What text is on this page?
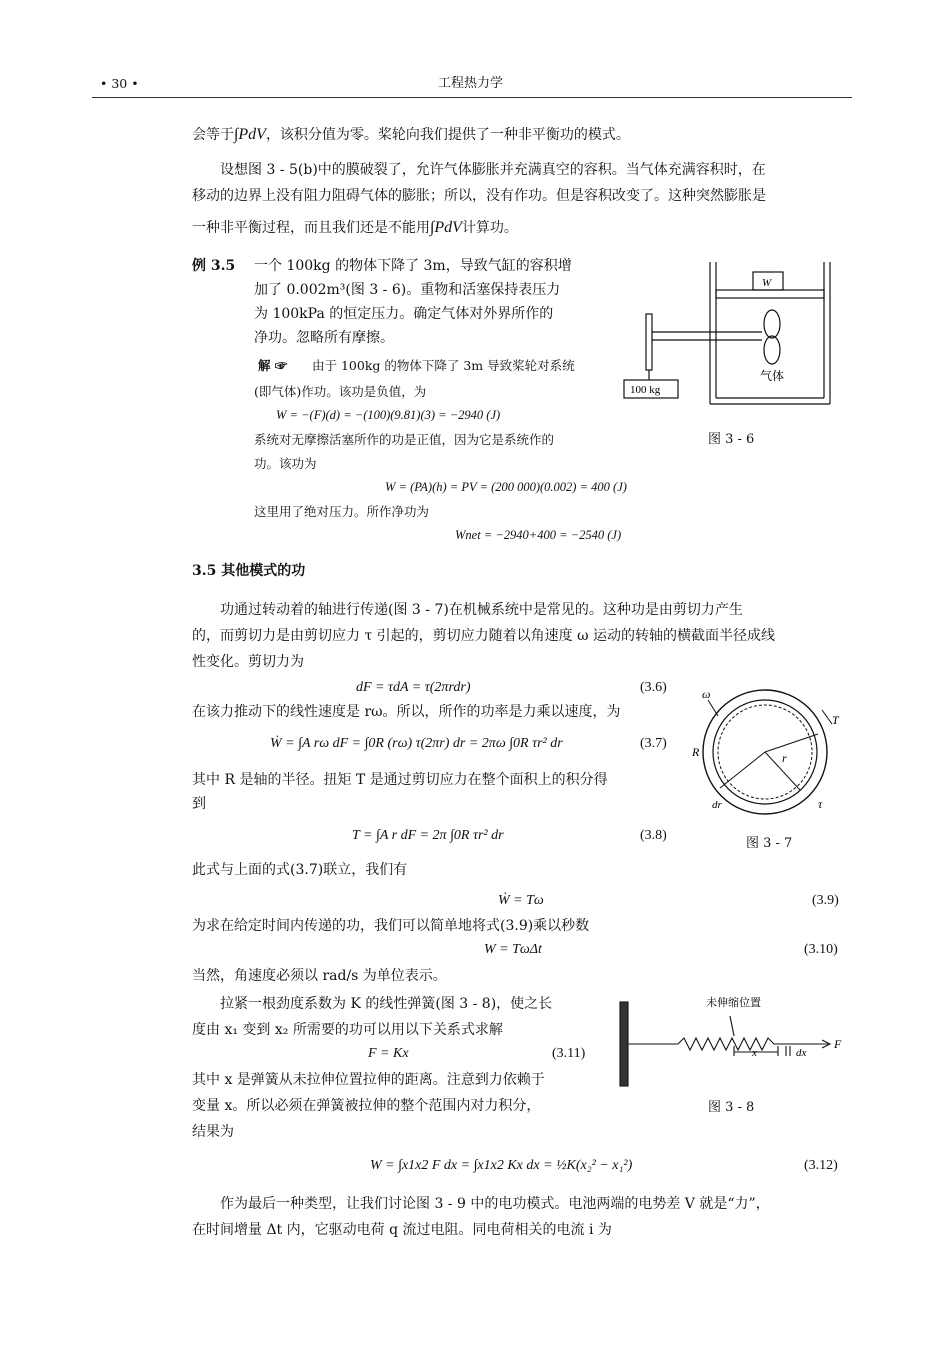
• 30 •	工程热力学
会等于∫PdV，该积分值为零。桨轮向我们提供了一种非平衡功的模式。
设想图 3 - 5(b)中的膜破裂了，允许气体膨胀并充满真空的容积。当气体充满容积时，在
移动的边界上没有阻力阻碍气体的膨胀；所以，没有作功。但是容积改变了。这种突然膨胀是
一种非平衡过程，而且我们还是不能用∫PdV计算功。
例 3.5 一个 100kg 的物体下降了 3m，导致气缸的容积增
加了 0.002m³(图 3 - 6)。重物和活塞保持表压力
为 100kPa 的恒定压力。确定气体对外界所作的
净功。忽略所有摩擦。
解 ☞ 由于 100kg 的物体下降了 3m 导致桨轮对系统
(即气体)作功。该功是负值，为
W = −(F)(d) = −(100)(9.81)(3) = −2940 (J)
系统对无摩擦活塞所作的功是正值，因为它是系统作的
功。该功为
W = (PA)(h) = PV = (200 000)(0.002) = 400 (J)
这里用了绝对压力。所作净功为
Wnet = −2940+400 = −2540 (J)
W
100 kg
气体
图 3 - 6
3.5 其他模式的功
功通过转动着的轴进行传递(图 3 - 7)在机械系统中是常见的。这种功是由剪切力产生
的，而剪切力是由剪切应力 τ 引起的，剪切应力随着以角速度 ω 运动的转轴的横截面半径成线
性变化。剪切力为
dF = τdA = τ(2πrdr)	(3.6)
在该力推动下的线性速度是 rω。所以，所作的功率是力乘以速度，为
Ẇ = ∫A rω dF = ∫0R (rω) τ(2πr) dr = 2πω ∫0R τr² dr	(3.7)
其中 R 是轴的半径。扭矩 T 是通过剪切应力在整个面积上的积分得
到
T = ∫A r dF = 2π ∫0R τr² dr	(3.8)
ω
T
r
R
dr	τ
图 3 - 7
此式与上面的式(3.7)联立，我们有
Ẇ = Tω	(3.9)
为求在给定时间内传递的功，我们可以简单地将式(3.9)乘以秒数
W = TωΔt	(3.10)
当然，角速度必须以 rad/s 为单位表示。
拉紧一根劲度系数为 K 的线性弹簧(图 3 - 8)，使之长
度由 x₁ 变到 x₂ 所需要的功可以用以下关系式求解
F = Kx	(3.11)
其中 x 是弹簧从未拉伸位置拉伸的距离。注意到力依赖于
变量 x。所以必须在弹簧被拉伸的整个范围内对力积分，
结果为
未伸缩位置
F
x	dx
图 3 - 8
W = ∫x1x2 F dx = ∫x1x2 Kx dx = ½K(x₂² − x₁²)	(3.12)
作为最后一种类型，让我们讨论图 3 - 9 中的电功模式。电池两端的电势差 V 就是“力”，
在时间增量 Δt 内，它驱动电荷 q 流过电阻。同电荷相关的电流 i 为
